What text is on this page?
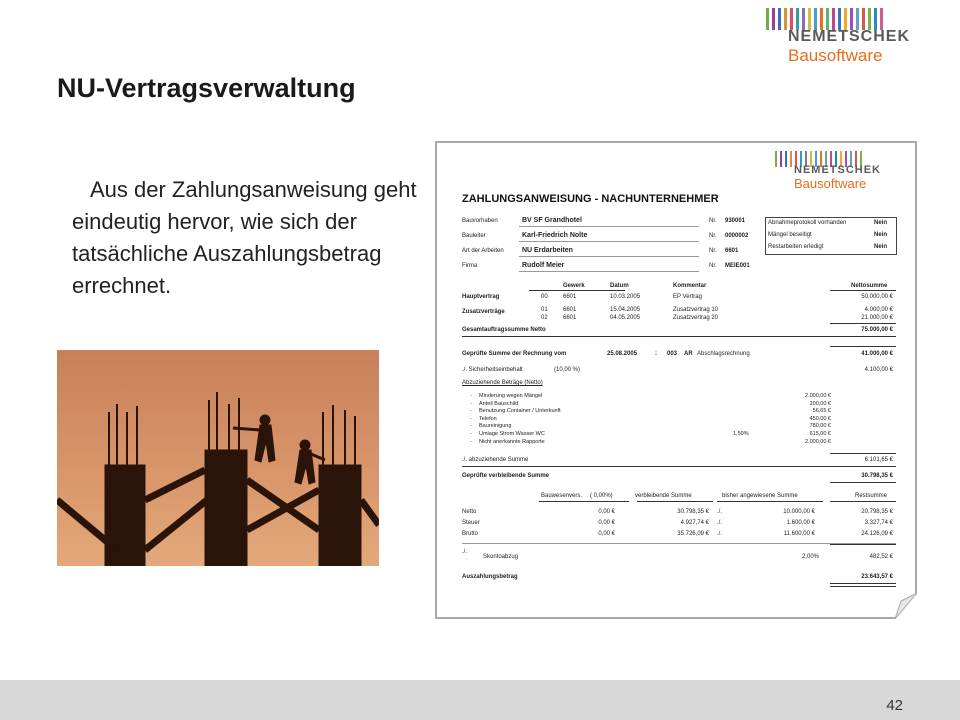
NEMETSCHEK
Bausoftware
NU-Vertragsverwaltung
Aus der Zahlungsanweisung geht eindeutig hervor, wie sich der tatsächliche Auszahlungsbetrag errechnet.
NEMETSCHEK
Bausoftware
ZAHLUNGSANWEISUNG - NACHUNTERNEHMER
Bauvorhaben	BV SF Grandhotel	Nr. 930001
Bauleiter	Karl-Friedrich Nolte	Nr. 0000002
Art der Arbeiten	NU Erdarbeiten	Nr. 6601
Firma	Rudolf Meier	Nr. MEIE001
Abnahmeprotokoll vorhanden	Nein
Mängel beseitigt	Nein
Restarbeiten erledigt	Nein
Gewerk	Datum	Kommentar	Nettosumme
Hauptvertrag	00	6601	10.03.2005	EP Vertrag	50.000,00 €
Zusatzverträge	01	6601	15.04.2005	Zusatzvertrag 10	4.000,00 €
02	6601	04.05.2005	Zusatzvertrag 20	21.000,00 €
Gesamtauftragssumme Netto	75.000,00 €
Geprüfte Summe der Rechnung vom	25.08.2005	: 003 AR Abschlagsrechnung	41.000,00 €
./. Sicherheitseinbehalt	(10,00 %)	4.100,00 €
Abzuziehende Beträge (Netto)
- Minderung wegen Mängel	2.000,00 €
- Anteil Bauschild	200,00 €
- Benutzung Container / Unterkunft	56,65 €
- Telefon	450,00 €
- Baureinigung	780,00 €
- Umlage Strom Wasser WC	1,50%	615,00 €
- Nicht anerkannte Rapporte	2.000,00 €
./. abzuziehende Summe	6.101,65 €
Geprüfte verbleibende Summe	30.798,35 €
Bauwesenvers. ( 0,00%)	verbleibende Summe	bisher angewiesene Summe	Restsumme
Netto	0,00 €	30.798,35 € ./.	10.000,00 €	20.798,35 €
Steuer	0,00 €	4.927,74 € ./.	1.600,00 €	3.327,74 €
Brutto	0,00 €	35.726,09 € ./.	11.600,00 €	24.126,09 €
./.
Skontoabzug	2,00%	482,52 €
Auszahlungsbetrag	23.643,57 €
42
